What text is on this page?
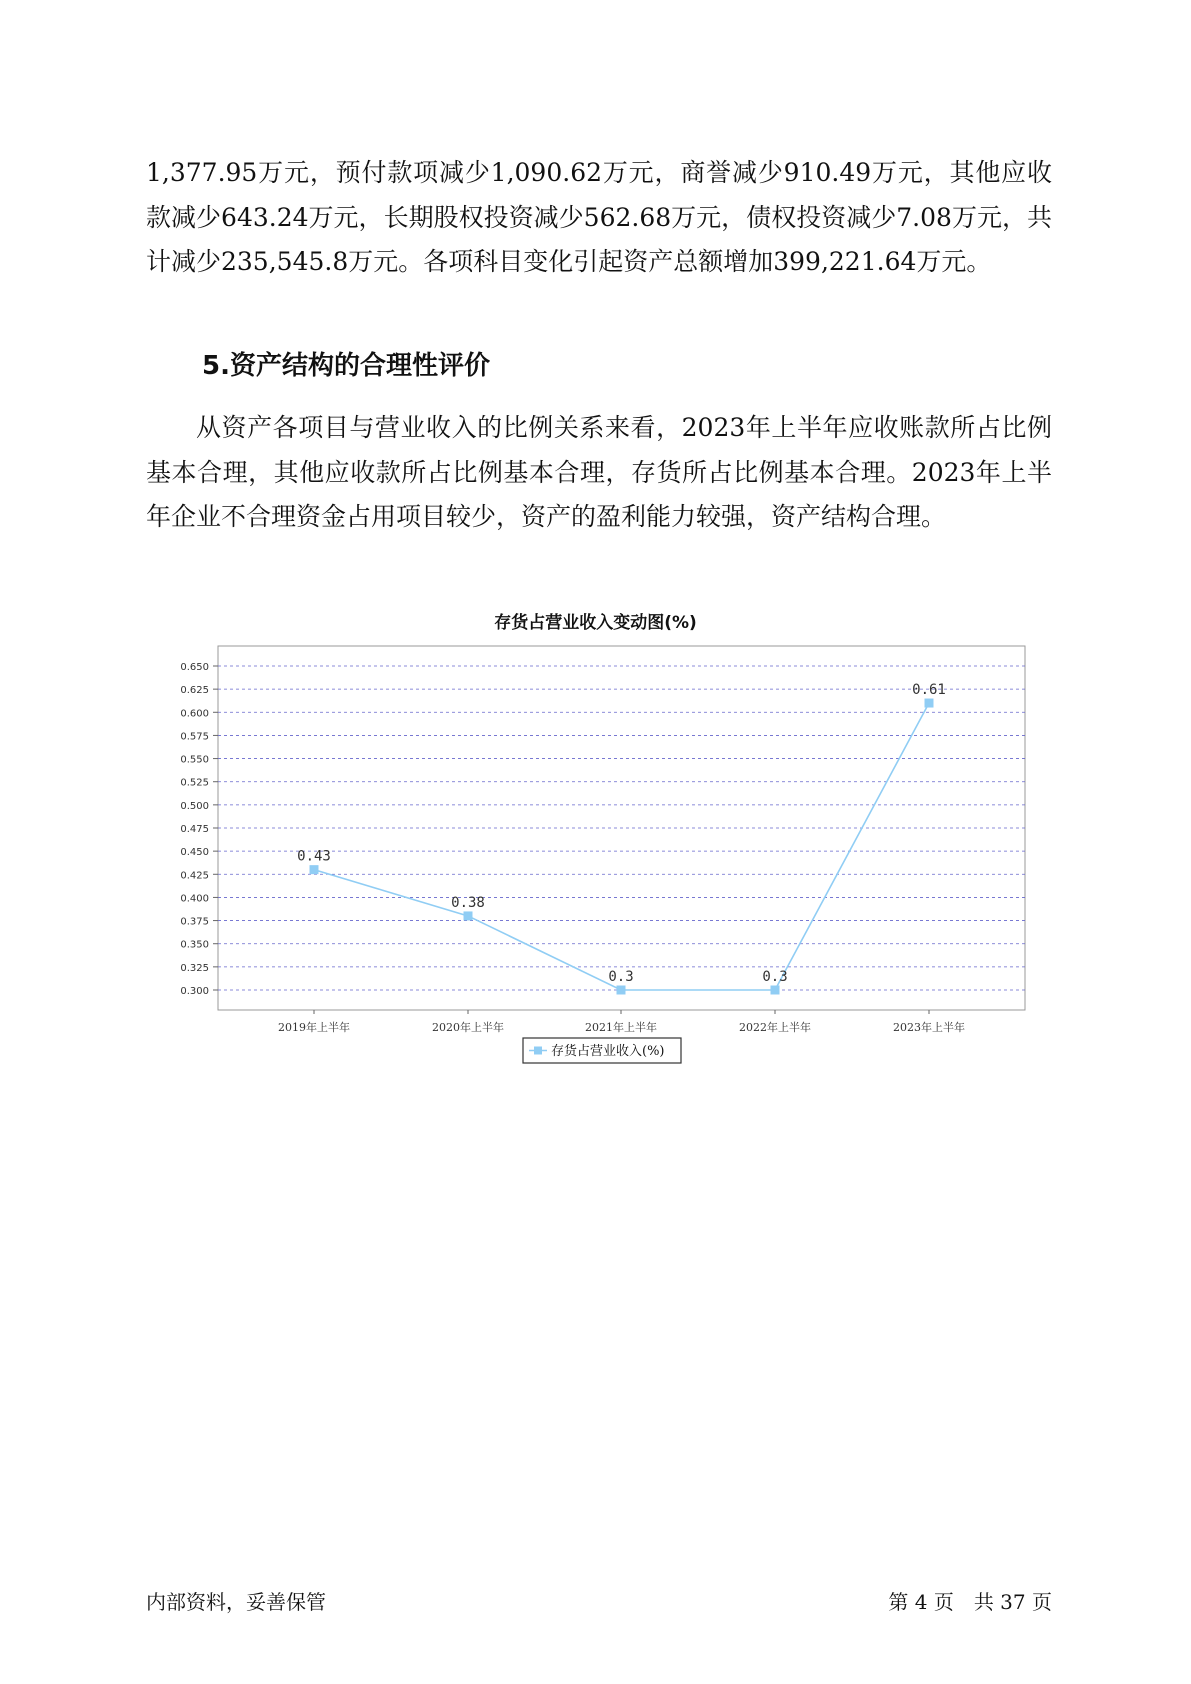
1,377.95万元，预付款项减少1,090.62万元，商誉减少910.49万元，其他应收款减少643.24万元，长期股权投资减少562.68万元，债权投资减少7.08万元，共计减少235,545.8万元。各项科目变化引起资产总额增加399,221.64万元。

5.资产结构的合理性评价

从资产各项目与营业收入的比例关系来看，2023年上半年应收账款所占比例基本合理，其他应收款所占比例基本合理，存货所占比例基本合理。2023年上半年企业不合理资金占用项目较少，资产的盈利能力较强，资产结构合理。

存货占营业收入变动图(%)
0.650
0.625
0.600
0.575
0.550
0.525
0.500
0.475
0.450
0.425
0.400
0.375
0.350
0.325
0.300
2019年上半年	2020年上半年	2021年上半年	2022年上半年	2023年上半年
0.43
0.38
0.3	0.3
0.61
存货占营业收入(%)
内部资料，妥善保管	第 4 页　共 37 页
